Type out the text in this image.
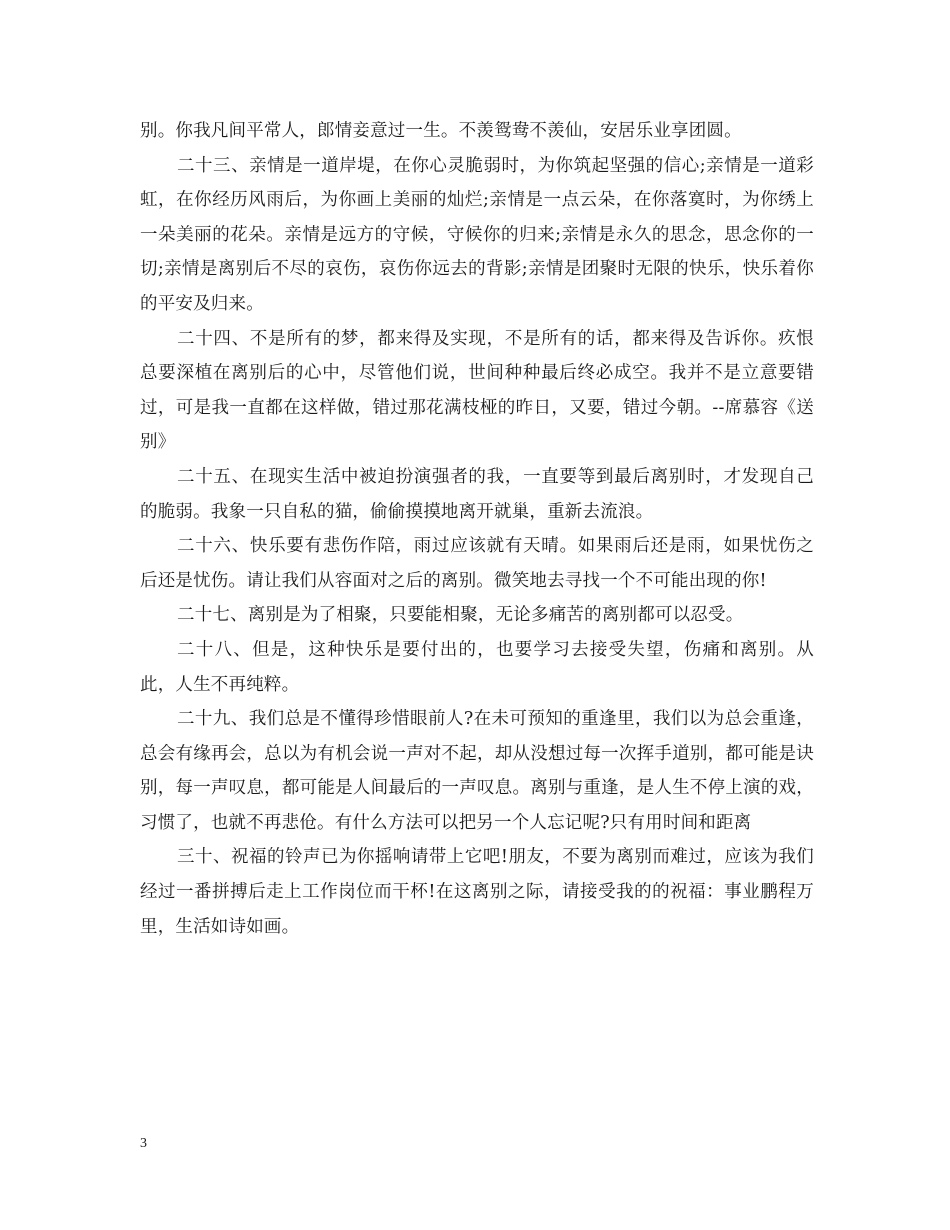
别。你我凡间平常人，郎情妾意过一生。不羡鸳鸯不羡仙，安居乐业享团圆。

二十三、亲情是一道岸堤，在你心灵脆弱时，为你筑起坚强的信心;亲情是一道彩虹，在你经历风雨后，为你画上美丽的灿烂;亲情是一点云朵，在你落寞时，为你绣上一朵美丽的花朵。亲情是远方的守候，守候你的归来;亲情是永久的思念，思念你的一切;亲情是离别后不尽的哀伤，哀伤你远去的背影;亲情是团聚时无限的快乐，快乐着你的平安及归来。

二十四、不是所有的梦，都来得及实现，不是所有的话，都来得及告诉你。疚恨总要深植在离别后的心中，尽管他们说，世间种种最后终必成空。我并不是立意要错过，可是我一直都在这样做，错过那花满枝桠的昨日，又要，错过今朝。--席慕容《送别》

二十五、在现实生活中被迫扮演强者的我，一直要等到最后离别时，才发现自己的脆弱。我象一只自私的猫，偷偷摸摸地离开就巢，重新去流浪。

二十六、快乐要有悲伤作陪，雨过应该就有天晴。如果雨后还是雨，如果忧伤之后还是忧伤。请让我们从容面对之后的离别。微笑地去寻找一个不可能出现的你!

二十七、离别是为了相聚，只要能相聚，无论多痛苦的离别都可以忍受。

二十八、但是，这种快乐是要付出的，也要学习去接受失望，伤痛和离别。从此，人生不再纯粹。

二十九、我们总是不懂得珍惜眼前人?在未可预知的重逢里，我们以为总会重逢，总会有缘再会，总以为有机会说一声对不起，却从没想过每一次挥手道别，都可能是诀别，每一声叹息，都可能是人间最后的一声叹息。离别与重逢，是人生不停上演的戏，习惯了，也就不再悲伧。有什么方法可以把另一个人忘记呢?只有用时间和距离

三十、祝福的铃声已为你摇响请带上它吧!朋友，不要为离别而难过，应该为我们经过一番拼搏后走上工作岗位而干杯!在这离别之际，请接受我的的祝福：事业鹏程万里，生活如诗如画。

3
